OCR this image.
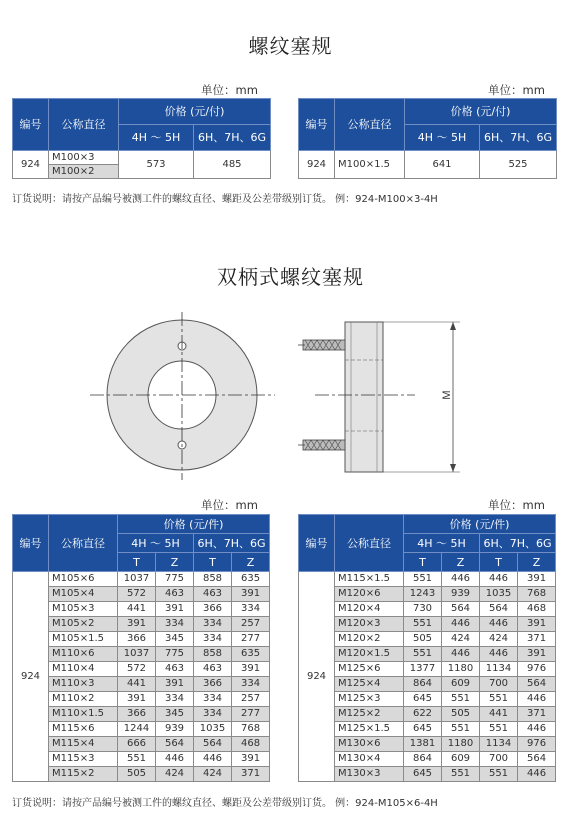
螺纹塞规
单位：mm	单位：mm
编号	公称直径	价格 (元/付)	
		4H ～ 5H	6H、7H、6G
924	M100×3	573	485
	M100×2		
编号	公称直径	价格 (元/付)	
		4H ～ 5H	6H、7H、6G
924	M100×1.5	641	525
订货说明：请按产品编号被测工件的螺纹直径、螺距及公差带级别订货。 例：924-M100×3-4H
双柄式螺纹塞规
M
单位：mm	单位：mm
编号	公称直径	价格 (元/件)			
		4H ～ 5H		6H、7H、6G	
		T	Z	T	Z
924	M105×6	1037	775	858	635
	M105×4	572	463	463	391
	M105×3	441	391	366	334
	M105×2	391	334	334	257
	M105×1.5	366	345	334	277
	M110×6	1037	775	858	635
	M110×4	572	463	463	391
	M110×3	441	391	366	334
	M110×2	391	334	334	257
	M110×1.5	366	345	334	277
	M115×6	1244	939	1035	768
	M115×4	666	564	564	468
	M115×3	551	446	446	391
	M115×2	505	424	424	371
编号	公称直径	价格 (元/件)			
		4H ～ 5H		6H、7H、6G	
		T	Z	T	Z
924	M115×1.5	551	446	446	391
	M120×6	1243	939	1035	768
	M120×4	730	564	564	468
	M120×3	551	446	446	391
	M120×2	505	424	424	371
	M120×1.5	551	446	446	391
	M125×6	1377	1180	1134	976
	M125×4	864	609	700	564
	M125×3	645	551	551	446
	M125×2	622	505	441	371
	M125×1.5	645	551	551	446
	M130×6	1381	1180	1134	976
	M130×4	864	609	700	564
	M130×3	645	551	551	446
订货说明：请按产品编号被测工件的螺纹直径、螺距及公差带级别订货。 例：924-M105×6-4H
